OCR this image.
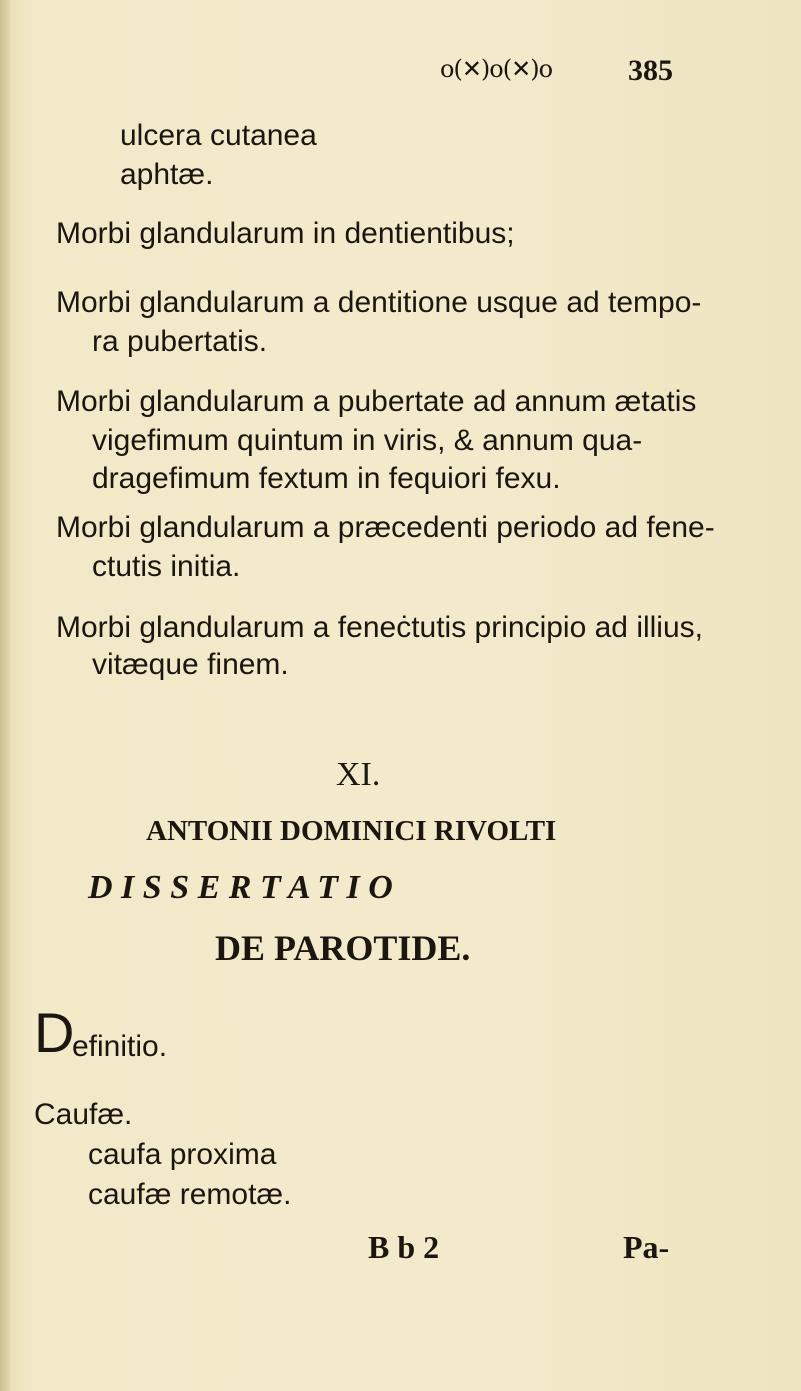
ο(✕)ο(✕)ο	385
ulcera cutanea
aphtæ.
Morbi glandularum in dentientibus;
Morbi glandularum a dentitione usque ad tempo-
ra pubertatis.
Morbi glandularum a pubertate ad annum ætatis
vigefimum quintum in viris, & annum qua-
dragefimum fextum in fequiori fexu.
Morbi glandularum a præcedenti periodo ad fene-
ctutis initia.
Morbi glandularum a feneċtutis principio ad illius,
vitæque finem.
XI.
ANTONII DOMINICI RIVOLTI
D I S S E R T A T I O
DE PAROTIDE.
D
efinitio.
Caufæ.
caufa proxima
caufæ remotæ.
B b 2	Pa-
